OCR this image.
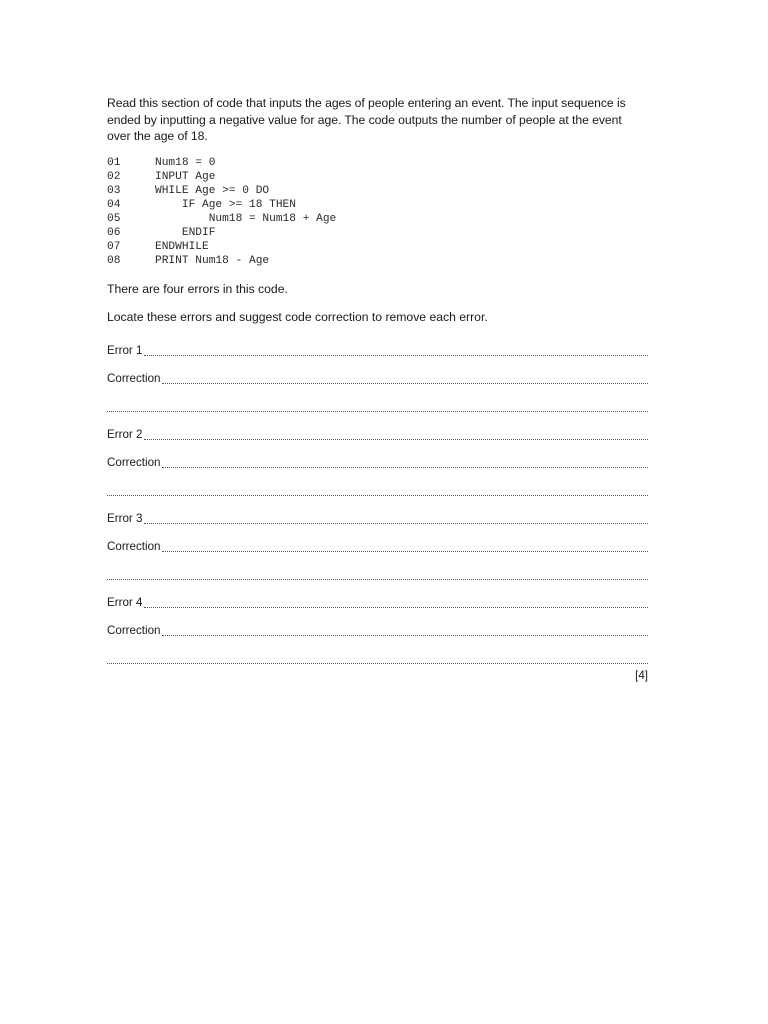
Read this section of code that inputs the ages of people entering an event. The input sequence is ended by inputting a negative value for age. The code outputs the number of people at the event over the age of 18.

01	Num18 = 0
02	INPUT Age
03	WHILE Age >= 0 DO
04	IF Age >= 18 THEN
05	Num18 = Num18 + Age
06	ENDIF
07	ENDWHILE
08	PRINT Num18 - Age

There are four errors in this code.

Locate these errors and suggest code correction to remove each error.

Error 1
Correction
Error 2
Correction
Error 3
Correction
Error 4
Correction
[4]
